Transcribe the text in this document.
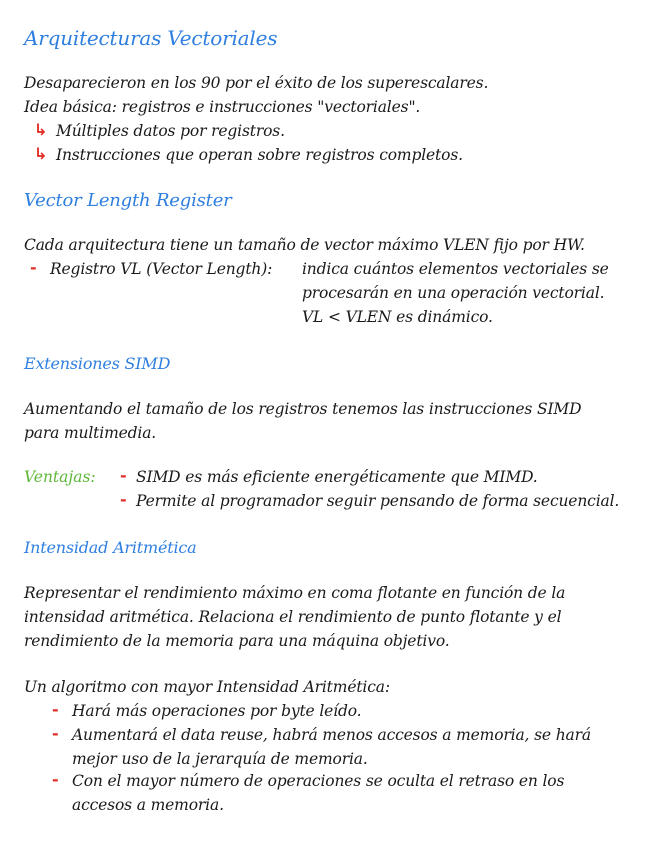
Arquitecturas Vectoriales
Desaparecieron en los 90 por el éxito de los superescalares.
Idea básica: registros e instrucciones "vectoriales".
↳ Múltiples datos por registros.
↳ Instrucciones que operan sobre registros completos.
Vector Length Register
Cada arquitectura tiene un tamaño de vector máximo VLEN fijo por HW.
- Registro VL (Vector Length): indica cuántos elementos vectoriales se
procesarán en una operación vectorial.
VL < VLEN es dinámico.
Extensiones SIMD
Aumentando el tamaño de los registros tenemos las instrucciones SIMD
para multimedia.
Ventajas: - SIMD es más eficiente energéticamente que MIMD.
- Permite al programador seguir pensando de forma secuencial.
Intensidad Aritmética
Representar el rendimiento máximo en coma flotante en función de la
intensidad aritmética. Relaciona el rendimiento de punto flotante y el
rendimiento de la memoria para una máquina objetivo.
Un algoritmo con mayor Intensidad Aritmética:
- Hará más operaciones por byte leído.
- Aumentará el data reuse, habrá menos accesos a memoria, se hará
mejor uso de la jerarquía de memoria.
- Con el mayor número de operaciones se oculta el retraso en los
accesos a memoria.
